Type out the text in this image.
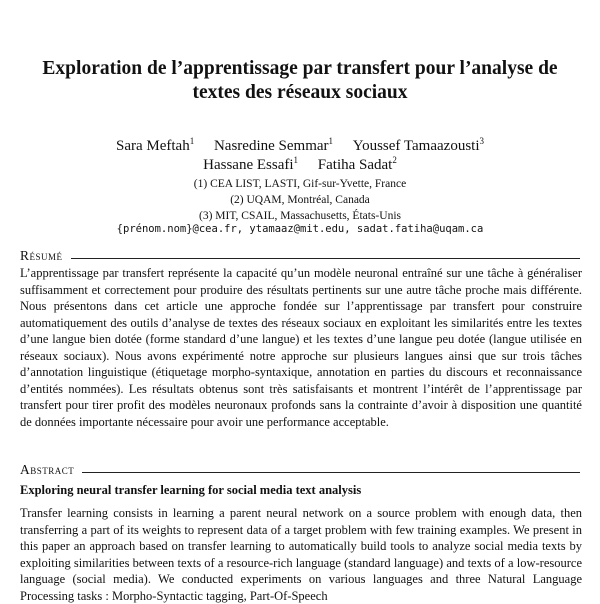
Exploration de l’apprentissage par transfert pour l’analyse de
textes des réseaux sociaux
Sara Meftah$^1$ Nasredine Semmar$^1$ Youssef Tamaazousti$^3$
Hassane Essafi$^1$ Fatiha Sadat$^2$
(1) CEA LIST, LASTI, Gif-sur-Yvette, France
(2) UQAM, Montréal, Canada
(3) MIT, CSAIL, Massachusetts, États-Unis
{prénom.nom}@cea.fr, ytamaaz@mit.edu, sadat.fatiha@uqam.ca
Résumé
L’apprentissage par transfert représente la capacité qu’un modèle neuronal entraîné sur une tâche à généraliser suffisamment et correctement pour produire des résultats pertinents sur une autre tâche proche mais différente. Nous présentons dans cet article une approche fondée sur l’apprentissage par transfert pour construire automatiquement des outils d’analyse de textes des réseaux sociaux en exploitant les similarités entre les textes d’une langue bien dotée (forme standard d’une langue) et les textes d’une langue peu dotée (langue utilisée en réseaux sociaux). Nous avons expérimenté notre approche sur plusieurs langues ainsi que sur trois tâches d’annotation linguistique (étiquetage morpho-syntaxique, annotation en parties du discours et reconnaissance d’entités nommées). Les résultats obtenus sont très satisfaisants et montrent l’intérêt de l’apprentissage par transfert pour tirer profit des modèles neuronaux profonds sans la contrainte d’avoir à disposition une quantité de données importante nécessaire pour avoir une performance acceptable.
Abstract
Exploring neural transfer learning for social media text analysis
Transfer learning consists in learning a parent neural network on a source problem with enough data, then transferring a part of its weights to represent data of a target problem with few training examples. We present in this paper an approach based on transfer learning to automatically build tools to analyze social media texts by exploiting similarities between texts of a resource-rich language (standard language) and texts of a low-resource language (social media). We conducted experiments on various languages and three Natural Language Processing tasks : Morpho-Syntactic tagging, Part-Of-Speech
